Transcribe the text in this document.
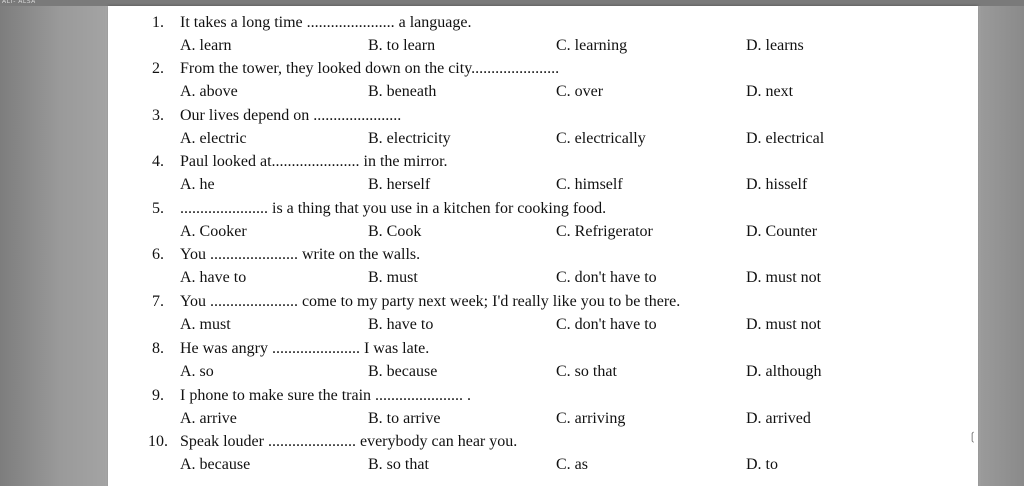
ALT- ALSA
1. It takes a long time ...................... a language.
A. learn	B. to learn	C. learning	D. learns
2. From the tower, they looked down on the city......................
A. above	B. beneath	C. over	D. next
3. Our lives depend on ......................
A. electric	B. electricity	C. electrically	D. electrical
4. Paul looked at...................... in the mirror.
A. he	B. herself	C. himself	D. hisself
5. ...................... is a thing that you use in a kitchen for cooking food.
A. Cooker	B. Cook	C. Refrigerator	D. Counter
6. You ...................... write on the walls.
A. have to	B. must	C. don't have to	D. must not
7. You ...................... come to my party next week; I'd really like you to be there.
A. must	B. have to	C. don't have to	D. must not
8. He was angry ...................... I was late.
A. so	B. because	C. so that	D. although
9. I phone to make sure the train ...................... .
A. arrive	B. to arrive	C. arriving	D. arrived
10. Speak louder ...................... everybody can hear you.
A. because	B. so that	C. as	D. to
❲
